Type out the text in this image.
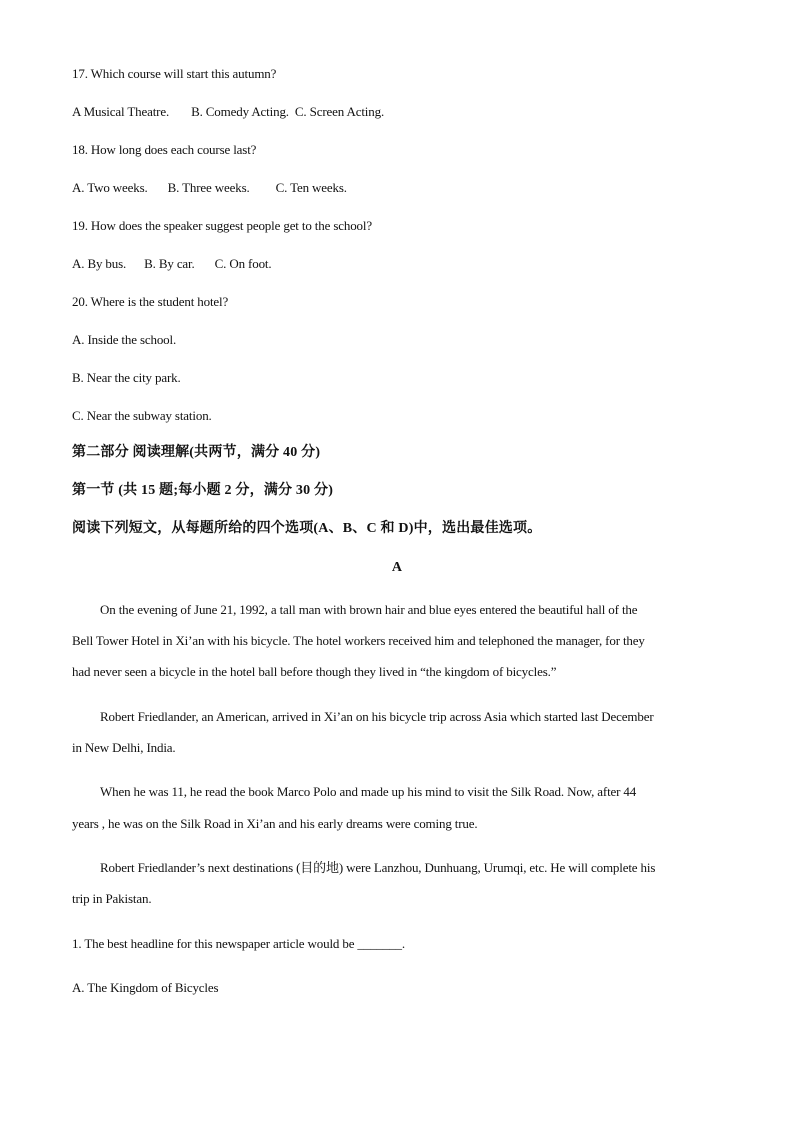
17. Which course will start this autumn?
A Musical Theatre. B. Comedy Acting. C. Screen Acting.
18. How long does each course last?
A. Two weeks. B. Three weeks. C. Ten weeks.
19. How does the speaker suggest people get to the school?
A. By bus. B. By car. C. On foot.
20. Where is the student hotel?
A. Inside the school.
B. Near the city park.
C. Near the subway station.
第二部分 阅读理解(共两节，满分 40 分)
第一节 (共 15 题;每小题 2 分，满分 30 分)
阅读下列短文，从每题所给的四个选项(A、B、C 和 D)中，选出最佳选项。
A
On the evening of June 21, 1992, a tall man with brown hair and blue eyes entered the beautiful hall of the
Bell Tower Hotel in Xi’an with his bicycle. The hotel workers received him and telephoned the manager, for they
had never seen a bicycle in the hotel ball before though they lived in “the kingdom of bicycles.”
Robert Friedlander, an American, arrived in Xi’an on his bicycle trip across Asia which started last December
in New Delhi, India.
When he was 11, he read the book Marco Polo and made up his mind to visit the Silk Road. Now, after 44
years , he was on the Silk Road in Xi’an and his early dreams were coming true.
Robert Friedlander’s next destinations (目的地) were Lanzhou, Dunhuang, Urumqi, etc. He will complete his
trip in Pakistan.
1. The best headline for this newspaper article would be _______.
A. The Kingdom of Bicycles
